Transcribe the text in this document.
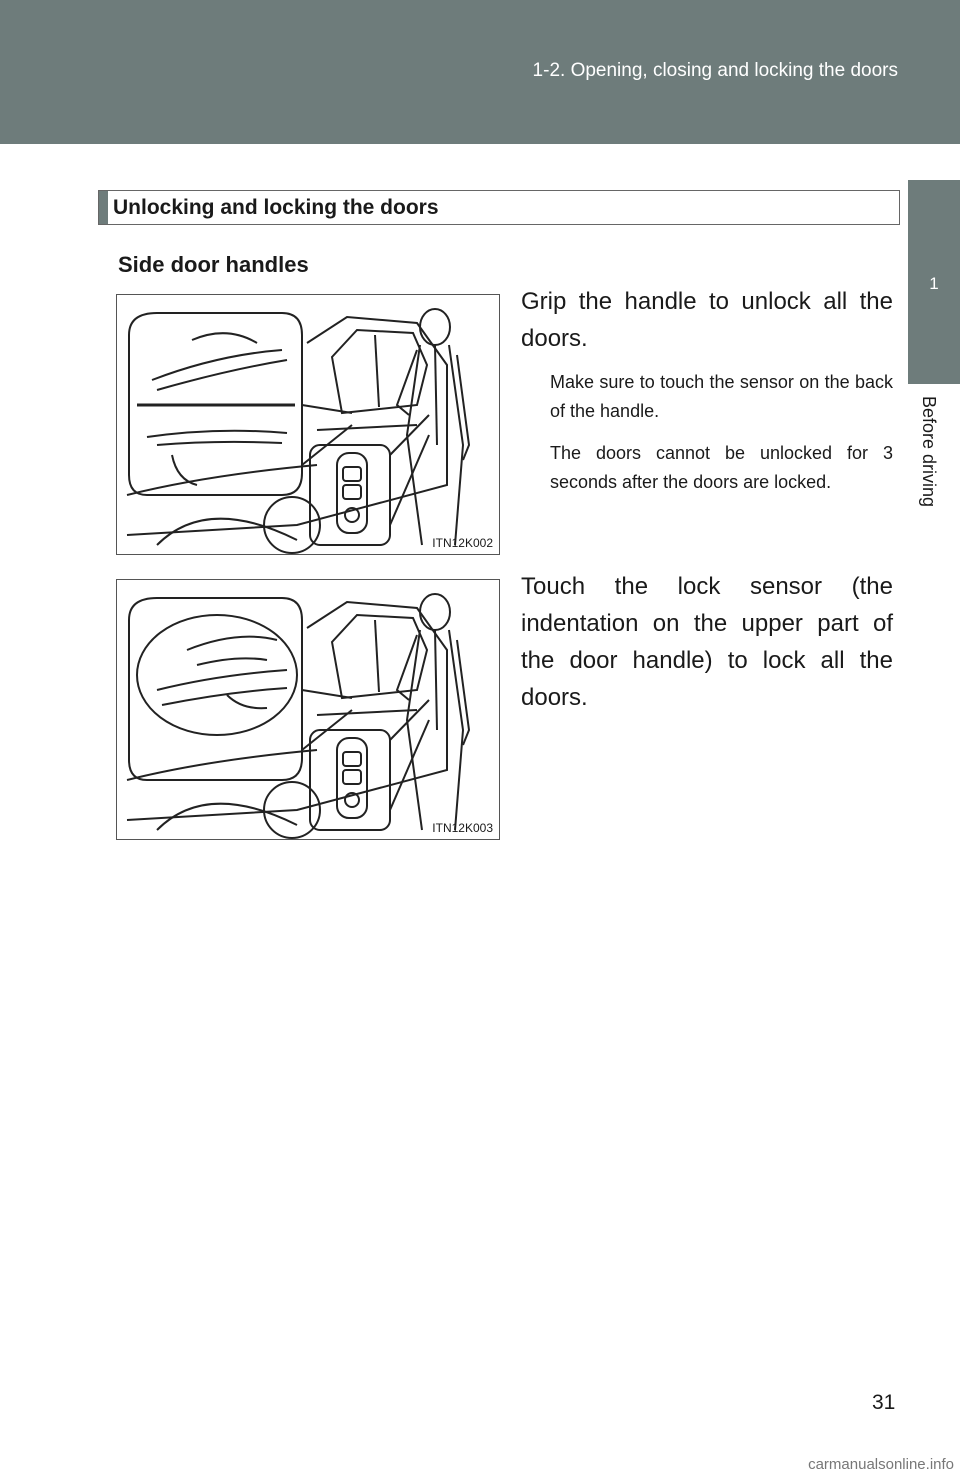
1-2. Opening, closing and locking the doors
1
Before driving
Unlocking and locking the doors
Side door handles
ITN12K002
Grip the handle to unlock all the doors.
Make sure to touch the sensor on the back of the handle.
The doors cannot be unlocked for 3 seconds after the doors are locked.
ITN12K003
Touch the lock sensor (the indentation on the upper part of the door handle) to lock all the doors.
31
carmanualsonline.info
